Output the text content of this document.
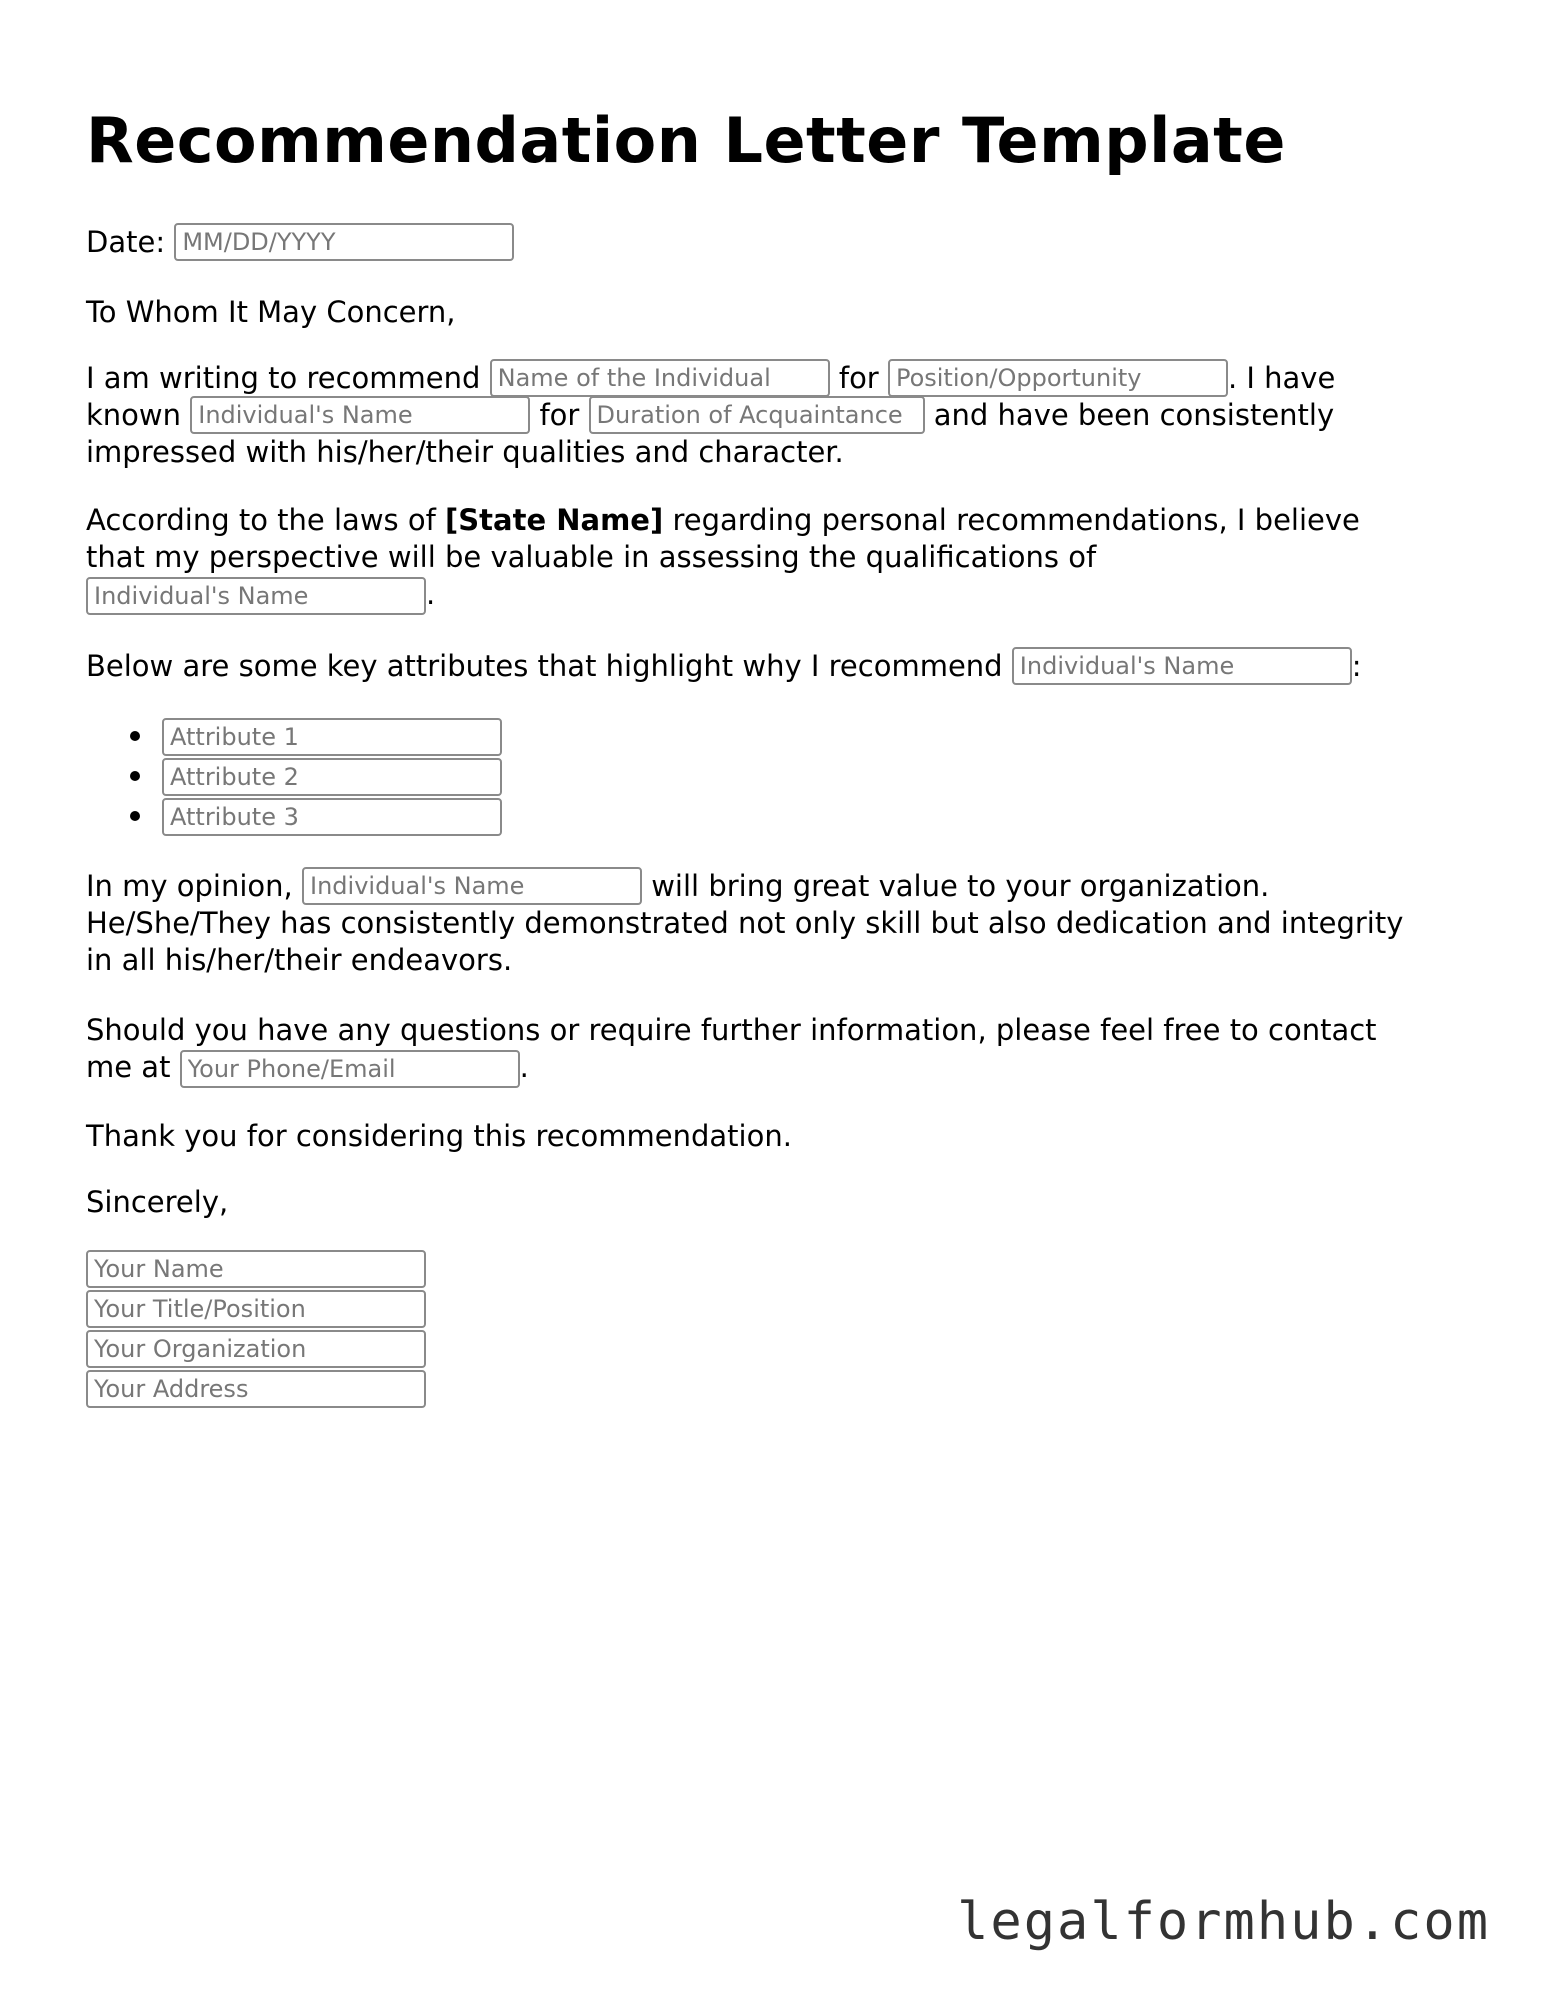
Recommendation Letter Template

Date: MM/DD/YYYY

To Whom It May Concern,

I am writing to recommend Name of the Individual	for Position/Opportunity	. I have
known Individual's Name	for Duration of Acquaintance	and have been consistently
impressed with his/her/their qualities and character.

According to the laws of [State Name] regarding personal recommendations, I believe
that my perspective will be valuable in assessing the qualifications of
Individual's Name.

Below are some key attributes that highlight why I recommend Individual's Name	:

Attribute 1
Attribute 2
Attribute 3

In my opinion, Individual's Name	will bring great value to your organization.
He/She/They has consistently demonstrated not only skill but also dedication and integrity
in all his/her/their endeavors.

Should you have any questions or require further information, please feel free to contact
me at Your Phone/Email	.

Thank you for considering this recommendation.

Sincerely,

Your Name
Your Title/Position
Your Organization
Your Address
legalformhub.com
